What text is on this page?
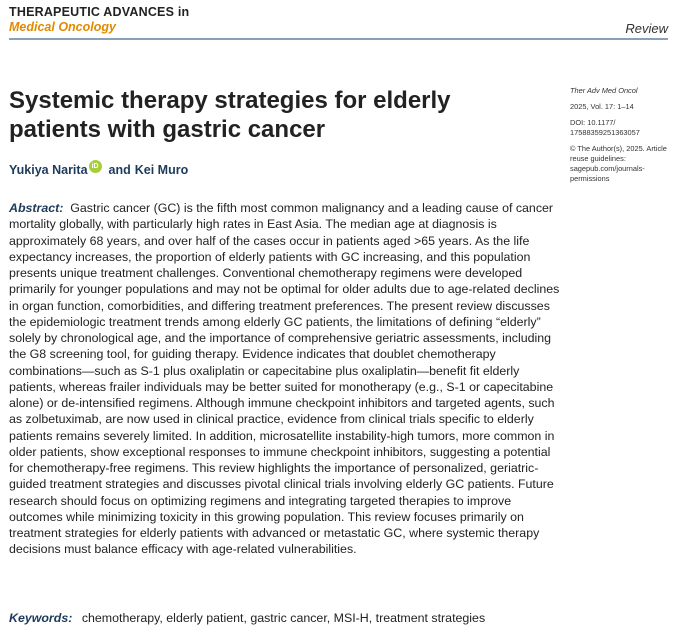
THERAPEUTIC ADVANCES in
Medical Oncology	Review
Systemic therapy strategies for elderly patients with gastric cancer
Yukiya Narita iD and Kei Muro

Ther Adv Med Oncol

2025, Vol. 17: 1–14

DOI: 10.1177/ 17588359251363057

© The Author(s), 2025. Article reuse guidelines: sagepub.com/journals-permissions

Abstract: Gastric cancer (GC) is the fifth most common malignancy and a leading cause of cancer mortality globally, with particularly high rates in East Asia. The median age at diagnosis is approximately 68 years, and over half of the cases occur in patients aged >65 years. As the life expectancy increases, the proportion of elderly patients with GC increasing, and this population presents unique treatment challenges. Conventional chemotherapy regimens were developed primarily for younger populations and may not be optimal for older adults due to age-related declines in organ function, comorbidities, and differing treatment preferences. The present review discusses the epidemiologic treatment trends among elderly GC patients, the limitations of defining “elderly” solely by chronological age, and the importance of comprehensive geriatric assessments, including the G8 screening tool, for guiding therapy. Evidence indicates that doublet chemotherapy combinations—such as S-1 plus oxaliplatin or capecitabine plus oxaliplatin—benefit fit elderly patients, whereas frailer individuals may be better suited for monotherapy (e.g., S-1 or capecitabine alone) or de-intensified regimens. Although immune checkpoint inhibitors and targeted agents, such as zolbetuximab, are now used in clinical practice, evidence from clinical trials specific to elderly patients remains severely limited. In addition, microsatellite instability-high tumors, more common in older patients, show exceptional responses to immune checkpoint inhibitors, suggesting a potential for chemotherapy-free regimens. This review highlights the importance of personalized, geriatric-guided treatment strategies and discusses pivotal clinical trials involving elderly GC patients. Future research should focus on optimizing regimens and integrating targeted therapies to improve outcomes while minimizing toxicity in this growing population. This review focuses primarily on treatment strategies for elderly patients with advanced or metastatic GC, where systemic therapy decisions must balance efficacy with age-related vulnerabilities.
Keywords: chemotherapy, elderly patient, gastric cancer, MSI-H, treatment strategies
